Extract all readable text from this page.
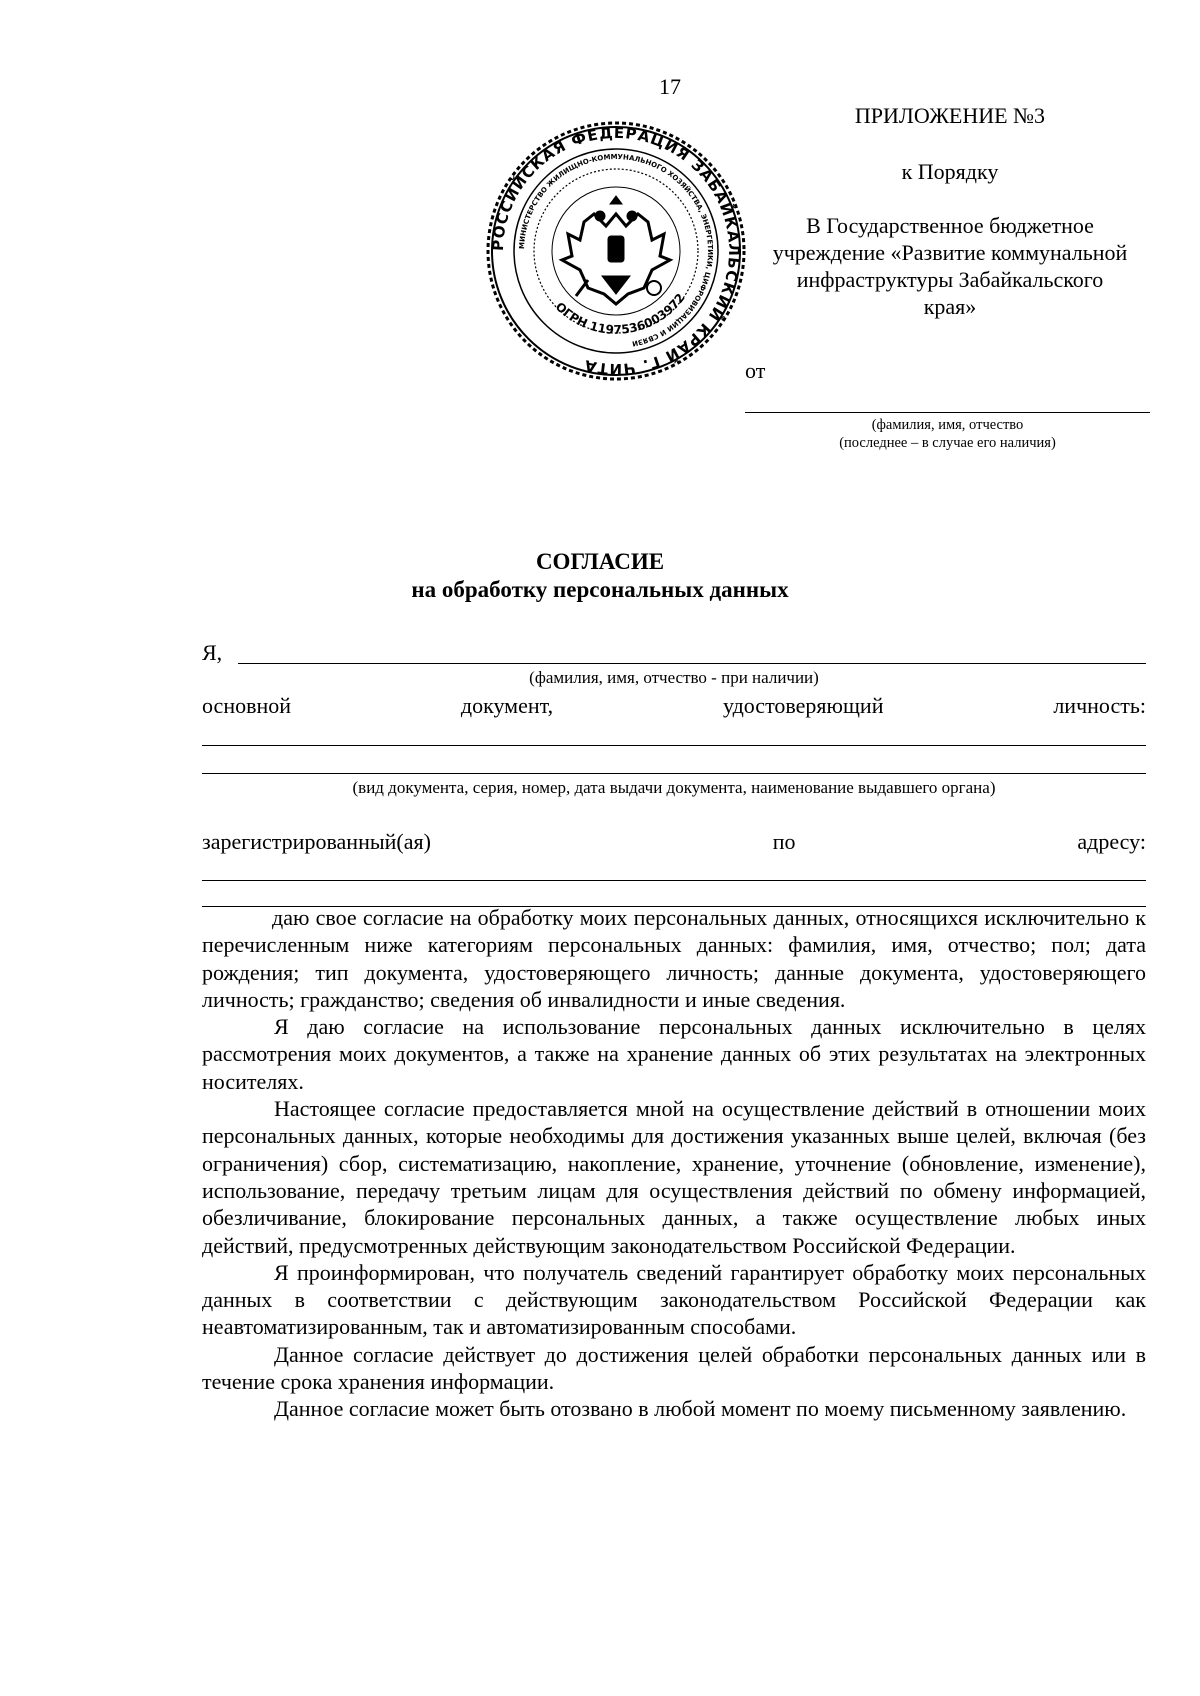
17
ПРИЛОЖЕНИЕ №3
к Порядку
В Государственное бюджетное учреждение «Развитие коммунальной инфраструктуры Забайкальского края»
от
(фамилия, имя, отчество
(последнее – в случае его наличия)
РОССИЙСКАЯ ФЕДЕРАЦИЯ ЗАБАЙКАЛЬСКИЙ КРАЙ Г. ЧИТА
МИНИСТЕРСТВО ЖИЛИЩНО-КОММУНАЛЬНОГО ХОЗЯЙСТВА, ЭНЕРГЕТИКИ, ЦИФРОВИЗАЦИИ И СВЯЗИ
ОГРН 1197536003972
СОГЛАСИЕ
на обработку персональных данных
Я,
(фамилия, имя, отчество - при наличии)
основной	документ,	удостоверяющий	личность:
(вид документа, серия, номер, дата выдачи документа, наименование выдавшего органа)
зарегистрированный(ая)	по	адресу:

даю свое согласие на обработку моих персональных данных, относящихся исключительно к перечисленным ниже категориям персональных данных: фамилия, имя, отчество; пол; дата рождения; тип документа, удостоверяющего личность; данные документа, удостоверяющего личность; гражданство; сведения об инвалидности и иные сведения.

Я даю согласие на использование персональных данных исключительно в целях рассмотрения моих документов, а также на хранение данных об этих результатах на электронных носителях.

Настоящее согласие предоставляется мной на осуществление действий в отношении моих персональных данных, которые необходимы для достижения указанных выше целей, включая (без ограничения) сбор, систематизацию, накопление, хранение, уточнение (обновление, изменение), использование, передачу третьим лицам для осуществления действий по обмену информацией, обезличивание, блокирование персональных данных, а также осуществление любых иных действий, предусмотренных действующим законодательством Российской Федерации.

Я проинформирован, что получатель сведений гарантирует обработку моих персональных данных в соответствии с действующим законодательством Российской Федерации как неавтоматизированным, так и автоматизированным способами.

Данное согласие действует до достижения целей обработки персональных данных или в течение срока хранения информации.

Данное согласие может быть отозвано в любой момент по моему письменному заявлению.
